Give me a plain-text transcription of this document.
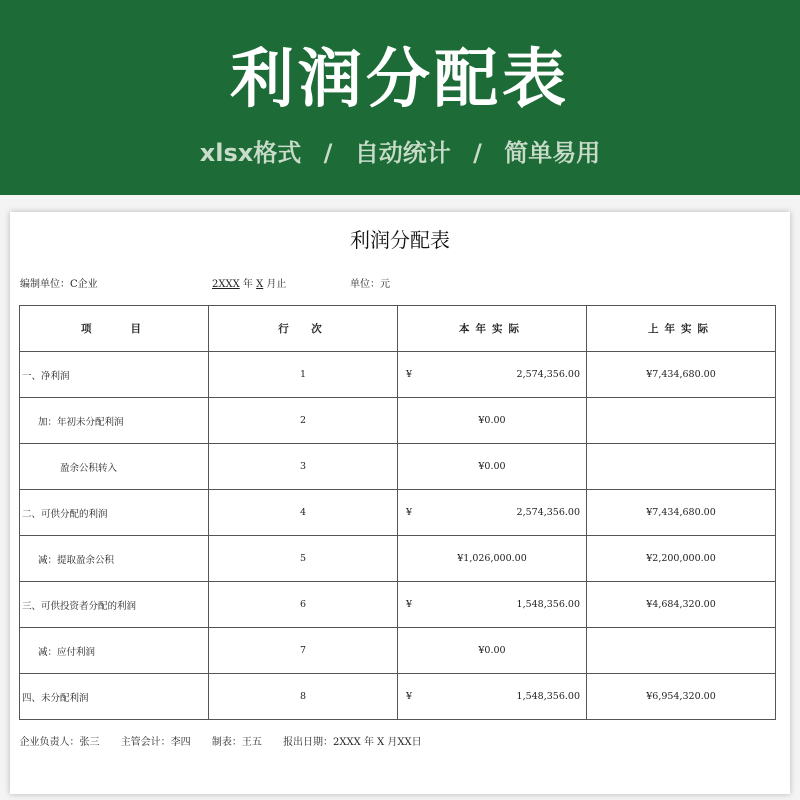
利润分配表
xlsx格式 / 自动统计 / 简单易用
利润分配表
编制单位：C企业	2XXX 年 X 月止	单位：元
项　　目	行　次	本年实际	上年实际
一、净利润	1	¥ 2,574,356.00	¥7,434,680.00
加：年初未分配利润	2	¥0.00	
盈余公积转入	3	¥0.00	
二、可供分配的利润	4	¥ 2,574,356.00	¥7,434,680.00
减：提取盈余公积	5	¥1,026,000.00	¥2,200,000.00
三、可供投资者分配的利润	6	¥ 1,548,356.00	¥4,684,320.00
减：应付利润	7	¥0.00	
四、未分配利润	8	¥ 1,548,356.00	¥6,954,320.00
企业负责人：张三 主管会计：李四 制表：王五 报出日期：2XXX 年 X 月XX日			
